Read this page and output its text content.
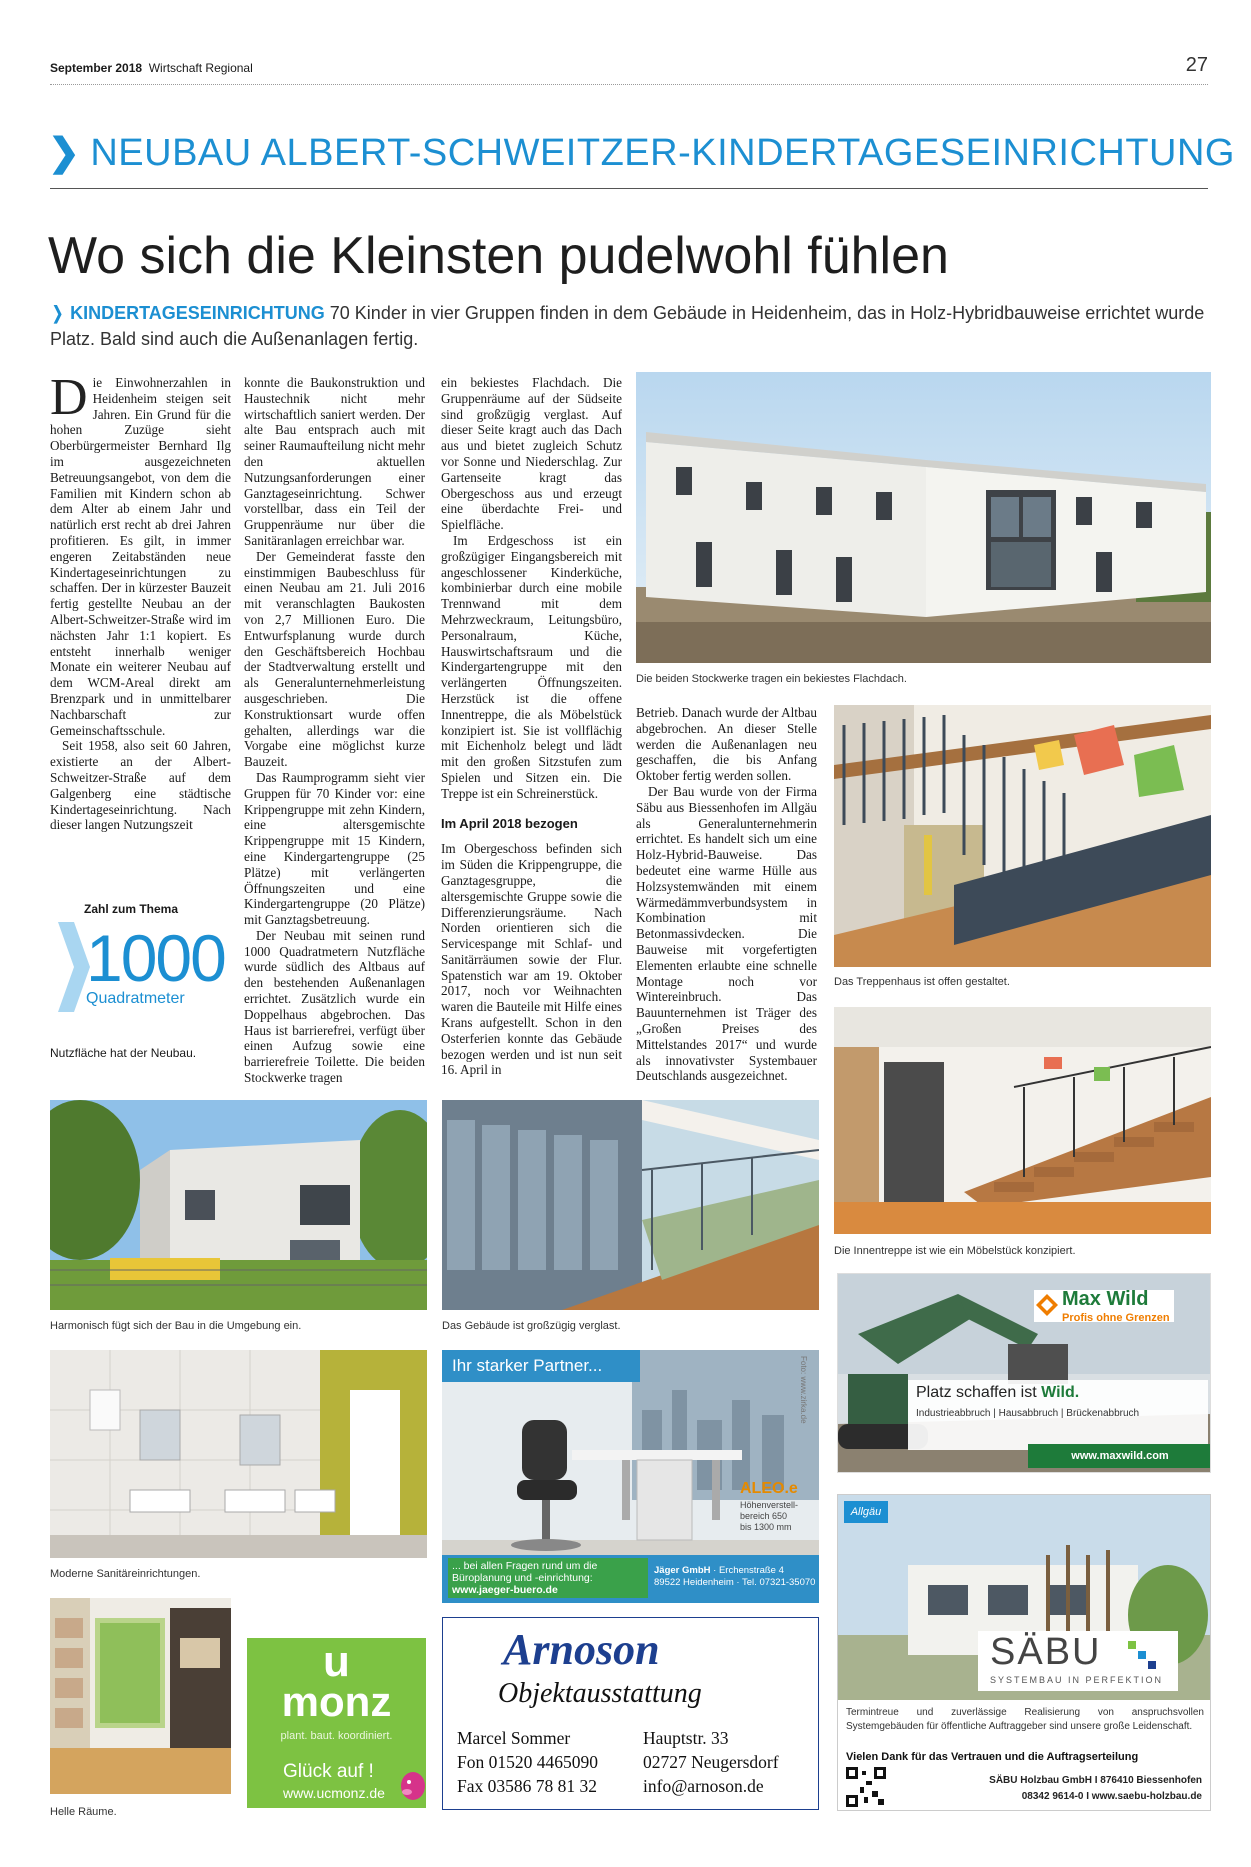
September 2018 Wirtschaft Regional	27
❯ NEUBAU ALBERT-SCHWEITZER-KINDERTAGESEINRICHTUNG
Wo sich die Kleinsten pudelwohl fühlen
❭ KINDERTAGESEINRICHTUNG 70 Kinder in vier Gruppen finden in dem Gebäude in Heidenheim, das in Holz-Hybridbauweise errichtet wurde Platz. Bald sind auch die Außenanlagen fertig.

Die Einwohnerzahlen in Heidenheim steigen seit Jahren. Ein Grund für die hohen Zuzüge sieht Oberbürgermeister Bernhard Ilg im ausgezeichneten Betreuungsangebot, von dem die Familien mit Kindern schon ab dem Alter ab einem Jahr und natürlich erst recht ab drei Jahren profitieren. Es gilt, in immer engeren Zeitabständen neue Kindertageseinrichtungen zu schaffen. Der in kürzester Bauzeit fertig gestellte Neubau an der Albert-Schweitzer-Straße wird im nächsten Jahr 1:1 kopiert. Es entsteht innerhalb weniger Monate ein weiterer Neubau auf dem WCM-Areal direkt am Brenzpark und in unmittelbarer Nachbarschaft zur Gemeinschaftsschule.

Seit 1958, also seit 60 Jahren, existierte an der Albert-Schweitzer-Straße auf dem Galgenberg eine städtische Kindertageseinrichtung. Nach dieser langen Nutzungszeit

konnte die Baukonstruktion und Haustechnik nicht mehr wirtschaftlich saniert werden. Der alte Bau entsprach auch mit seiner Raumaufteilung nicht mehr den aktuellen Nutzungsanforderungen einer Ganztageseinrichtung. Schwer vorstellbar, dass ein Teil der Gruppenräume nur über die Sanitäranlagen erreichbar war.

Der Gemeinderat fasste den einstimmigen Baubeschluss für einen Neubau am 21. Juli 2016 mit veranschlagten Baukosten von 2,7 Millionen Euro. Die Entwurfsplanung wurde durch den Geschäftsbereich Hochbau der Stadtverwaltung erstellt und als Generalunternehmerleistung ausgeschrieben. Die Konstruktionsart wurde offen gehalten, allerdings war die Vorgabe eine möglichst kurze Bauzeit.

Das Raumprogramm sieht vier Gruppen für 70 Kinder vor: eine Krippengruppe mit zehn Kindern, eine altersgemischte Krippengruppe mit 15 Kindern, eine Kindergartengruppe (25 Plätze) mit verlängerten Öffnungszeiten und eine Kindergartengruppe (20 Plätze) mit Ganztagsbetreuung.

Der Neubau mit seinen rund 1000 Quadratmetern Nutzfläche wurde südlich des Altbaus auf den bestehenden Außenanlagen errichtet. Zusätzlich wurde ein Doppelhaus abgebrochen. Das Haus ist barrierefrei, verfügt über einen Aufzug sowie eine barrierefreie Toilette. Die beiden Stockwerke tragen

ein bekiestes Flachdach. Die Gruppenräume auf der Südseite sind großzügig verglast. Auf dieser Seite kragt auch das Dach aus und bietet zugleich Schutz vor Sonne und Niederschlag. Zur Gartenseite kragt das Obergeschoss aus und erzeugt eine überdachte Frei- und Spielfläche.

Im Erdgeschoss ist ein großzügiger Eingangsbereich mit angeschlossener Kinderküche, kombinierbar durch eine mobile Trennwand mit dem Mehrzweckraum, Leitungsbüro, Personalraum, Küche, Hauswirtschaftsraum und die Kindergartengruppe mit den verlängerten Öffnungszeiten. Herzstück ist die offene Innentreppe, die als Möbelstück konzipiert ist. Sie ist vollflächig mit Eichenholz belegt und lädt mit den großen Sitzstufen zum Spielen und Sitzen ein. Die Treppe ist ein Schreinerstück.

Im April 2018 bezogen

Im Obergeschoss befinden sich im Süden die Krippengruppe, die Ganztagesgruppe, die altersgemischte Gruppe sowie die Differenzierungsräume. Nach Norden orientieren sich die Servicespange mit Schlaf- und Sanitärräumen sowie der Flur. Spatenstich war am 19. Oktober 2017, noch vor Weihnachten waren die Bauteile mit Hilfe eines Krans aufgestellt. Schon in den Osterferien konnte das Gebäude bezogen werden und ist nun seit 16. April in

Betrieb. Danach wurde der Altbau abgebrochen. An dieser Stelle werden die Außenanlagen neu geschaffen, die bis Anfang Oktober fertig werden sollen.

Der Bau wurde von der Firma Säbu aus Biessenhofen im Allgäu als Generalunternehmerin errichtet. Es handelt sich um eine Holz-Hybrid-Bauweise. Das bedeutet eine warme Hülle aus Holzsystemwänden mit einem Wärmedämmverbundsystem in Kombination mit Betonmassivdecken. Die Bauweise mit vorgefertigten Elementen erlaubte eine schnelle Montage noch vor Wintereinbruch. Das Bauunternehmen ist Träger des „Großen Preises des Mittelstandes 2017“ und wurde als innovativster Systembauer Deutschlands ausgezeichnet.

Zahl zum Thema
1000
Quadratmeter
Nutzfläche hat der Neubau.
Die beiden Stockwerke tragen ein bekiestes Flachdach.
Das Treppenhaus ist offen gestaltet.
Die Innentreppe ist wie ein Möbelstück konzipiert.
Harmonisch fügt sich der Bau in die Umgebung ein.	Das Gebäude ist großzügig verglast.
Moderne Sanitäreinrichtungen.
Helle Räume.
u
monz
plant. baut. koordiniert.
Glück auf !
www.ucmonz.de
Ihr starker Partner...	Foto: www.zirka.de
ALEO.e
Höhenverstell-
bereich 650
bis 1300 mm
... bei allen Fragen rund um die
Büroplanung und -einrichtung:
www.jaeger-buero.de
Jäger GmbH · Erchenstraße 4
89522 Heidenheim · Tel. 07321-35070
Arnoson
Objektausstattung
Marcel Sommer
Fon 01520 4465090
Fax 03586 78 81 32
Hauptstr. 33
02727 Neugersdorf
info@arnoson.de
Max Wild
Profis ohne Grenzen
Platz schaffen ist Wild.
Industrieabbruch | Hausabbruch | Brückenabbruch
www.maxwild.com
Allgäu
SÄBU
SYSTEMBAU IN PERFEKTION
Termintreue und zuverlässige Realisierung von anspruchsvollen Systemgebäuden für öffentliche Auftraggeber sind unsere große Leidenschaft.
Vielen Dank für das Vertrauen und die Auftragserteilung
SÄBU Holzbau GmbH I 876410 Biessenhofen
08342 9614-0 I www.saebu-holzbau.de
